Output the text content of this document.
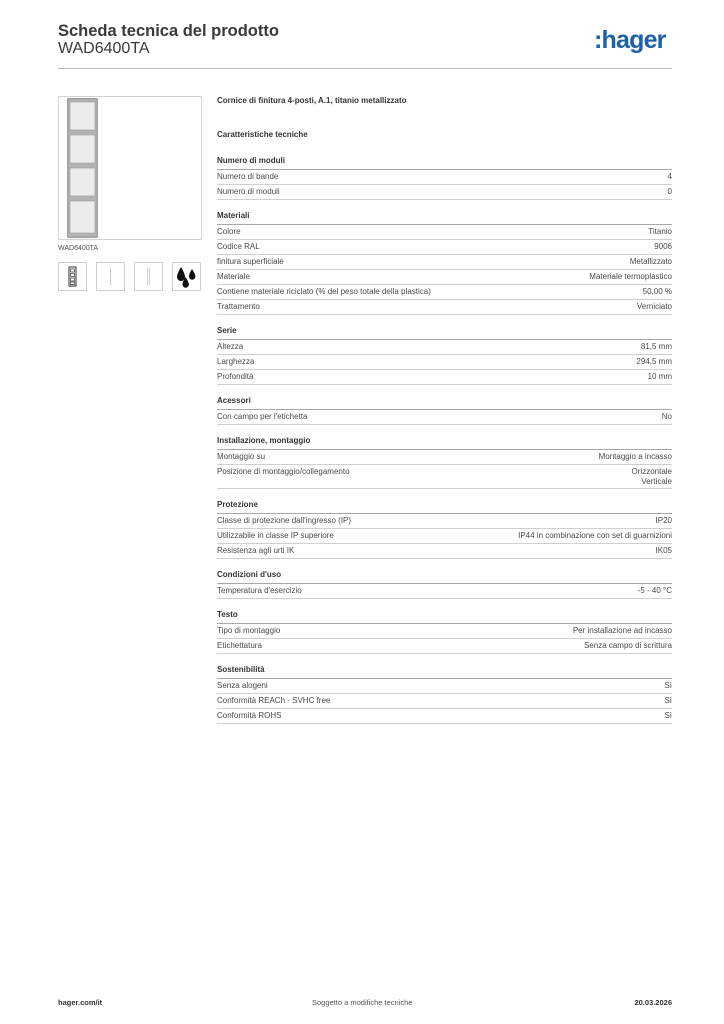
Scheda tecnica del prodotto
WAD6400TA	:hager
WAD6400TA
Cornice di finitura 4-posti, A.1, titanio metallizzato
Caratteristiche tecniche
Numero di moduli
Numero di bande	4
Numero di moduli	0
Materiali
Colore	Titanio
Codice RAL	9006
finitura superficiale	Metallizzato
Materiale	Materiale termoplastico
Contiene materiale riciclato (% del peso totale della plastica)	50,00 %
Trattamento	Verniciato
Serie
Altezza	81,5 mm
Larghezza	294,5 mm
Profondità	10 mm
Acessori
Con campo per l'etichetta	No
Installazione, montaggio
Montaggio su	Montaggio a incasso
Posizione di montaggio/collegamento	Orizzontale
Verticale
Protezione
Classe di protezione dall'ingresso (IP)	IP20
Utilizzabile in classe IP superiore	IP44 in combinazione con set di guarnizioni
Resistenza agli urti IK	IK05
Condizioni d'uso
Temperatura d'esercizio	-5 - 40 °C
Testo
Tipo di montaggio	Per installazione ad incasso
Etichettatura	Senza campo di scrittura
Sostenibilità
Senza alogeni	Sì
Conformità REACh - SVHC free	Sì
Conformità ROHS	Sì
hager.com/it	Soggetto a modifiche tecniche	20.03.2026
